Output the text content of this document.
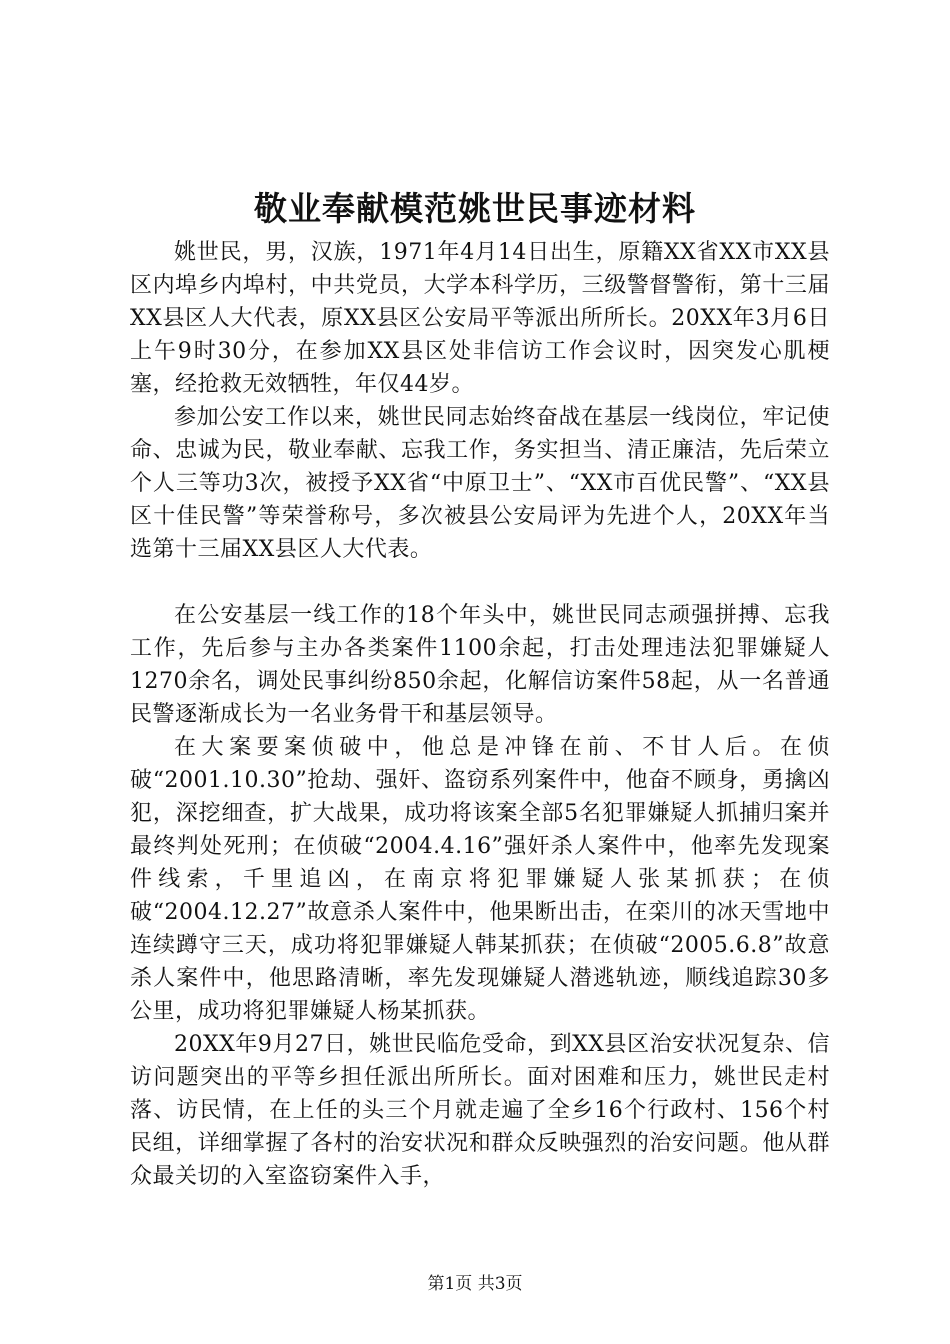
敬业奉献模范姚世民事迹材料

姚世民，男，汉族，1971年4月14日出生，原籍XX省XX市XX县区内埠乡内埠村，中共党员，大学本科学历，三级警督警衔，第十三届XX县区人大代表，原XX县区公安局平等派出所所长。20XX年3月6日上午9时30分，在参加XX县区处非信访工作会议时，因突发心肌梗塞，经抢救无效牺牲，年仅44岁。

参加公安工作以来，姚世民同志始终奋战在基层一线岗位，牢记使命、忠诚为民，敬业奉献、忘我工作，务实担当、清正廉洁，先后荣立个人三等功3次，被授予XX省“中原卫士”、“XX市百优民警”、“XX县区十佳民警”等荣誉称号，多次被县公安局评为先进个人，20XX年当选第十三届XX县区人大代表。

在公安基层一线工作的18个年头中，姚世民同志顽强拼搏、忘我工作，先后参与主办各类案件1100余起，打击处理违法犯罪嫌疑人1270余名，调处民事纠纷850余起，化解信访案件58起，从一名普通民警逐渐成长为一名业务骨干和基层领导。

在大案要案侦破中，他总是冲锋在前、不甘人后。在侦破“2001.10.30”抢劫、强奸、盗窃系列案件中，他奋不顾身，勇擒凶犯，深挖细查，扩大战果，成功将该案全部5名犯罪嫌疑人抓捕归案并最终判处死刑；在侦破“2004.4.16”强奸杀人案件中，他率先发现案件线索，千里追凶，在南京将犯罪嫌疑人张某抓获；在侦破“2004.12.27”故意杀人案件中，他果断出击，在栾川的冰天雪地中连续蹲守三天，成功将犯罪嫌疑人韩某抓获；在侦破“2005.6.8”故意杀人案件中，他思路清晰，率先发现嫌疑人潜逃轨迹，顺线追踪30多公里，成功将犯罪嫌疑人杨某抓获。

20XX年9月27日，姚世民临危受命，到XX县区治安状况复杂、信访问题突出的平等乡担任派出所所长。面对困难和压力，姚世民走村落、访民情，在上任的头三个月就走遍了全乡16个行政村、156个村民组，详细掌握了各村的治安状况和群众反映强烈的治安问题。他从群众最关切的入室盗窃案件入手，

第1页 共3页
